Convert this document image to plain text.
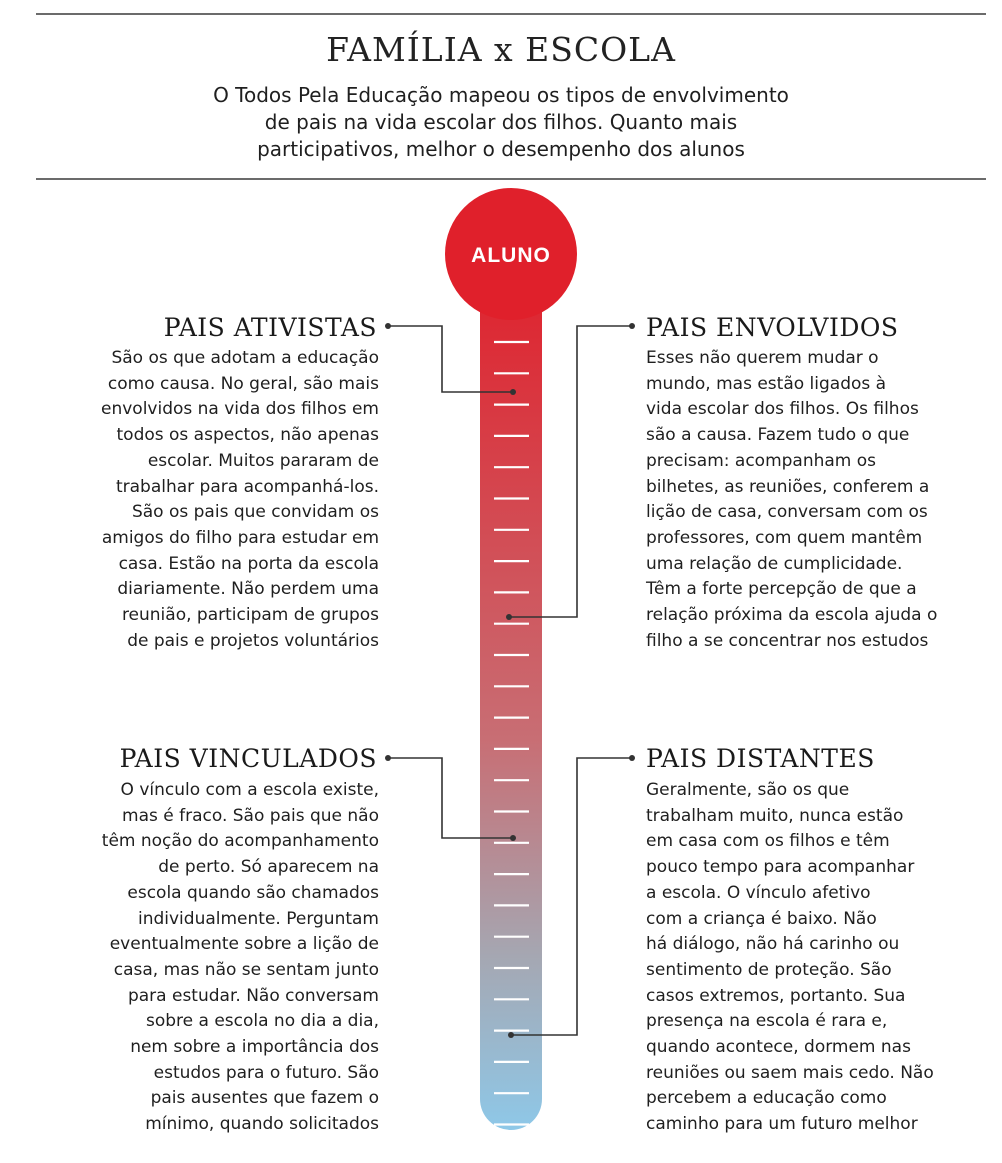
FAMÍLIA x ESCOLA
O Todos Pela Educação mapeou os tipos de envolvimento
de pais na vida escolar dos filhos. Quanto mais
participativos, melhor o desempenho dos alunos
ALUNO
PAIS ATIVISTAS
São os que adotam a educação
como causa. No geral, são mais
envolvidos na vida dos filhos em
todos os aspectos, não apenas
escolar. Muitos pararam de
trabalhar para acompanhá-los.
São os pais que convidam os
amigos do filho para estudar em
casa. Estão na porta da escola
diariamente. Não perdem uma
reunião, participam de grupos
de pais e projetos voluntários
PAIS ENVOLVIDOS
Esses não querem mudar o
mundo, mas estão ligados à
vida escolar dos filhos. Os filhos
são a causa. Fazem tudo o que
precisam: acompanham os
bilhetes, as reuniões, conferem a
lição de casa, conversam com os
professores, com quem mantêm
uma relação de cumplicidade.
Têm a forte percepção de que a
relação próxima da escola ajuda o
filho a se concentrar nos estudos
PAIS VINCULADOS
O vínculo com a escola existe,
mas é fraco. São pais que não
têm noção do acompanhamento
de perto. Só aparecem na
escola quando são chamados
individualmente. Perguntam
eventualmente sobre a lição de
casa, mas não se sentam junto
para estudar. Não conversam
sobre a escola no dia a dia,
nem sobre a importância dos
estudos para o futuro. São
pais ausentes que fazem o
mínimo, quando solicitados
PAIS DISTANTES
Geralmente, são os que
trabalham muito, nunca estão
em casa com os filhos e têm
pouco tempo para acompanhar
a escola. O vínculo afetivo
com a criança é baixo. Não
há diálogo, não há carinho ou
sentimento de proteção. São
casos extremos, portanto. Sua
presença na escola é rara e,
quando acontece, dormem nas
reuniões ou saem mais cedo. Não
percebem a educação como
caminho para um futuro melhor
